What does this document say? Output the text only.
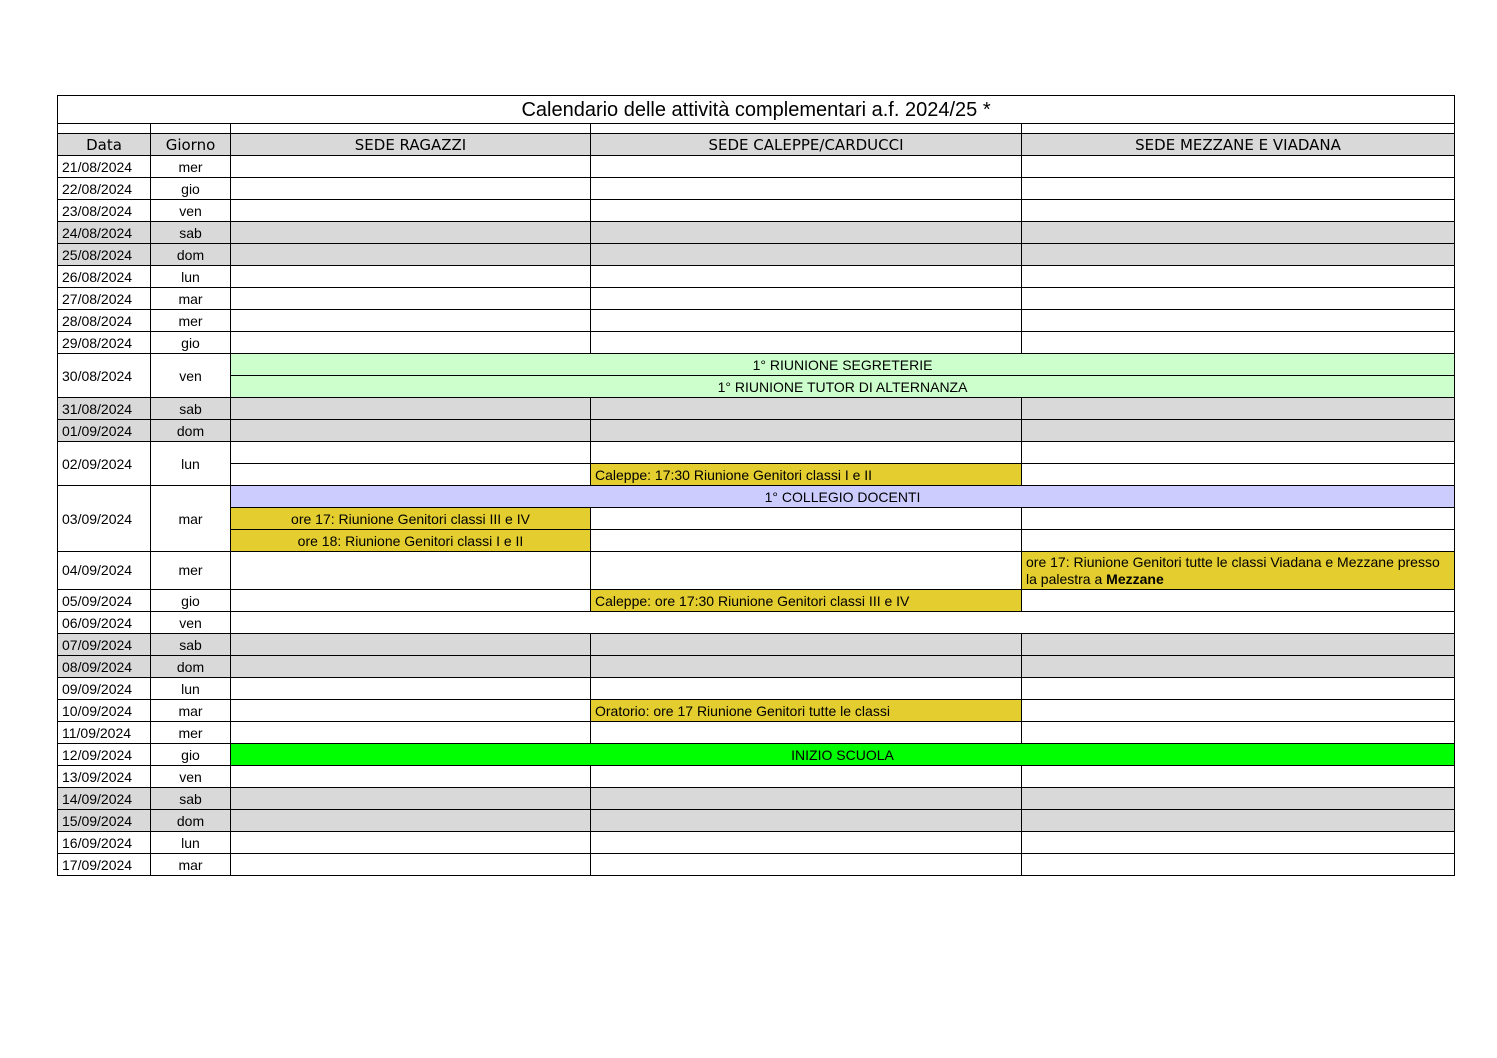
Calendario delle attività complementari a.f. 2024/25 *				

Data	Giorno	SEDE RAGAZZI	SEDE CALEPPE/CARDUCCI	SEDE MEZZANE E VIADANA
21/08/2024	mer			
22/08/2024	gio			
23/08/2024	ven			
24/08/2024	sab			
25/08/2024	dom			
26/08/2024	lun			
27/08/2024	mar			
28/08/2024	mer			
29/08/2024	gio			
30/08/2024	ven	1° RIUNIONE SEGRETERIE		
		1° RIUNIONE TUTOR DI ALTERNANZA		
31/08/2024	sab			
01/09/2024	dom			
02/09/2024	lun			
			Caleppe: 17:30 Riunione Genitori classi I e II	
03/09/2024	mar	1° COLLEGIO DOCENTI		
		ore 17: Riunione Genitori classi III e IV		
		ore 18: Riunione Genitori classi I e II		
04/09/2024	mer			ore 17: Riunione Genitori tutte le classi Viadana e Mezzane presso la palestra a Mezzane
05/09/2024	gio		Caleppe: ore 17:30 Riunione Genitori classi III e IV	
06/09/2024	ven			
07/09/2024	sab			
08/09/2024	dom			
09/09/2024	lun			
10/09/2024	mar		Oratorio: ore 17 Riunione Genitori tutte le classi	
11/09/2024	mer			
12/09/2024	gio	INIZIO SCUOLA		
13/09/2024	ven			
14/09/2024	sab			
15/09/2024	dom			
16/09/2024	lun			
17/09/2024	mar			
